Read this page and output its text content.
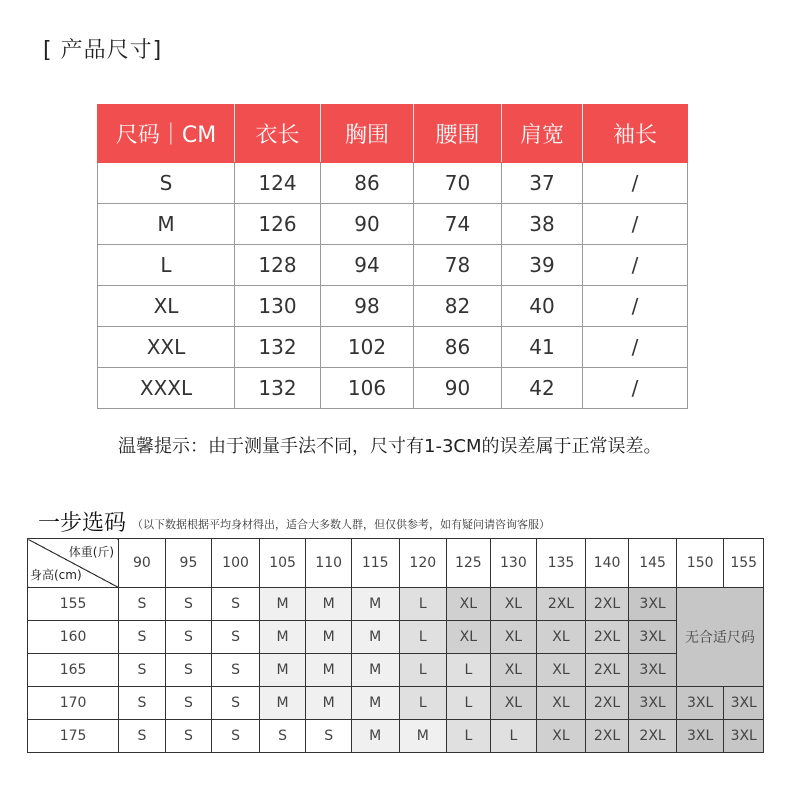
[ 产品尺寸]
尺码｜CM	衣长	胸围	腰围	肩宽	袖长
S	124	86	70	37	/
M	126	90	74	38	/
L	128	94	78	39	/
XL	130	98	82	40	/
XXL	132	102	86	41	/
XXXL	132	106	90	42	/
温馨提示：由于测量手法不同，尺寸有1-3CM的误差属于正常误差。
一步选码 （以下数据根据平均身材得出，适合大多数人群，但仅供参考，如有疑问请咨询客服）
体重(斤)
身高(cm)	90	95	100	105	110	115	120	125	130	135	140	145	150	155
155	S	S	S	M	M	M	L	XL	XL	2XL	2XL	3XL	无合适尺码	
160	S	S	S	M	M	M	L	XL	XL	XL	2XL	3XL		
165	S	S	S	M	M	M	L	L	XL	XL	2XL	3XL		
170	S	S	S	M	M	M	L	L	XL	XL	2XL	3XL	3XL	3XL
175	S	S	S	S	S	M	M	L	L	XL	2XL	2XL	3XL	3XL
